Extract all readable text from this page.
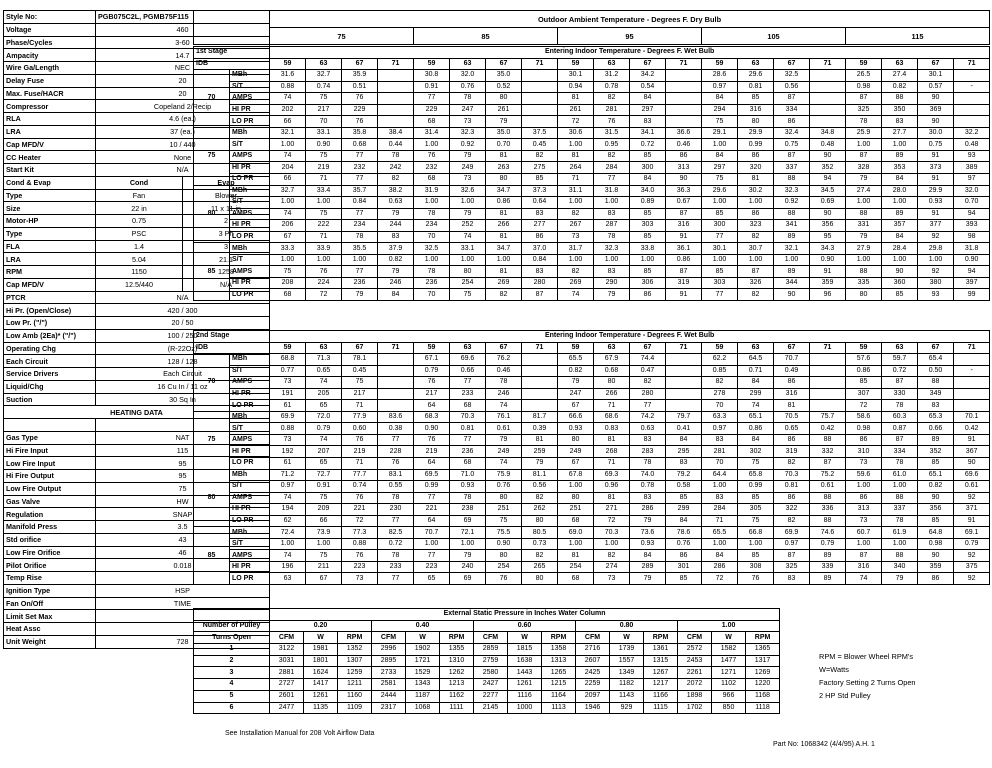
Style No:	PGB075C2L, PGMB75F115	
Voltage	460	
Phase/Cycles	3-60	
Ampacity	14.7	
Wire Ga/Length	NEC	
Delay Fuse	20	
Max. Fuse/HACR	20	
Compressor	Copeland 2/Recip	
RLA	4.6 (ea.)	
LRA	37 (ea.)	
Cap MFD/V	10 / 440	
CC Heater	None	
Start Kit	N/A	
Cond & Evap	Cond	Evap
Type	Fan	Blower
Size	22 in	11 x 11 in
Motor-HP	0.75	2
Type	PSC	3 Ph
FLA	1.4	3
LRA	5.04	21.1
RPM	1150	1258
Cap MFD/V	12.5/440	N/A
PTCR	N/A	
Hi Pr. (Open/Close)	420 / 300	
Low Pr. ("/")	20 / 50	
Low Amb (2Ea)* ("/")	100 / 250	
Operating Chg	(R-22Oz)	
Each Circuit	128 / 128	
Service Drivers	Each Circuit	
Liquid/Chg	16 Cu In / 11 oz	
Suction	30 Sq In	
HEATING DATA		

Gas Type	NAT	
Hi Fire Input	115	
Low Fire Input	95	
Hi Fire Output	95	
Low Fire Output	75	
Gas Valve	HW	
Regulation	SNAP	
Manifold Press	3.5	
Std orifice	43	
Low Fire Orifice	46	
Pilot Orifice	0.018	
Temp Rise		
Ignition Type	HSP	
Fan On/Off	TIME	
Limit Set Max		
Heat Assc		
Unit Weight	728	
	Outdoor Ambient Temperature - Degrees F. Dry Bulb				
	75	85	95	105	115
1st Stage		Entering Indoor Temperature - Degrees F. Wet Bulb																			
IDB		59	63	67	71	59	63	67	71	59	63	67	71	59	63	67	71	59	63	67	71
70	MBh	31.6	32.7	35.9		30.8	32.0	35.0		30.1	31.2	34.2		28.6	29.6	32.5		26.5	27.4	30.1	
	S/T	0.88	0.74	0.51		0.91	0.76	0.52		0.94	0.78	0.54		0.97	0.81	0.56		0.98	0.82	0.57	-
	AMPS	74	75	76		77	78	80		81	82	84		84	85	87		87	88	90	
	HI PR	202	217	229		229	247	261		261	281	297		294	316	334		325	350	369	
	LO PR	66	70	76		68	73	79		72	76	83		75	80	86		78	83	90	
75	MBh	32.1	33.1	35.8	38.4	31.4	32.3	35.0	37.5	30.6	31.5	34.1	36.6	29.1	29.9	32.4	34.8	25.9	27.7	30.0	32.2
	S/T	1.00	0.90	0.68	0.44	1.00	0.92	0.70	0.45	1.00	0.95	0.72	0.46	1.00	0.99	0.75	0.48	1.00	1.00	0.75	0.48
	AMPS	74	75	77	78	76	79	81	82	81	82	85	86	84	86	87	90	87	89	91	93
	HI PR	204	219	232	242	232	249	263	275	264	284	300	313	297	320	337	352	328	353	373	389
	LO PR	66	71	77	82	68	73	80	85	71	77	84	90	75	81	88	94	79	84	91	97
80	MBh	32.7	33.4	35.7	38.2	31.9	32.6	34.7	37.3	31.1	31.8	34.0	36.3	29.6	30.2	32.3	34.5	27.4	28.0	29.9	32.0
	S/T	1.00	1.00	0.84	0.63	1.00	1.00	0.86	0.64	1.00	1.00	0.89	0.67	1.00	1.00	0.92	0.69	1.00	1.00	0.93	0.70
	AMPS	74	75	77	79	78	79	81	83	82	83	85	87	85	86	88	90	88	89	91	94
	HI PR	206	222	234	244	234	252	266	277	267	287	303	316	300	323	341	356	331	357	377	393
	LO PR	67	71	78	83	70	74	81	86	73	78	85	91	77	82	89	95	79	84	92	98
85	MBh	33.3	33.9	35.5	37.9	32.5	33.1	34.7	37.0	31.7	32.3	33.8	36.1	30.1	30.7	32.1	34.3	27.9	28.4	29.8	31.8
	S/T	1.00	1.00	1.00	0.82	1.00	1.00	1.00	0.84	1.00	1.00	1.00	0.86	1.00	1.00	1.00	0.90	1.00	1.00	1.00	0.90
	AMPS	75	76	77	79	78	80	81	83	82	83	85	87	85	87	89	91	88	90	92	94
	HI PR	208	224	236	246	236	254	269	280	269	290	306	319	303	326	344	359	335	360	380	397
	LO PR	68	72	79	84	70	75	82	87	74	79	86	91	77	82	90	96	80	85	93	99
2nd Stage		Entering Indoor Temperature - Degrees F. Wet Bulb																			
IDB		59	63	67	71	59	63	67	71	59	63	67	71	59	63	67	71	59	63	67	71
70	MBh	68.8	71.3	78.1		67.1	69.6	76.2		65.5	67.9	74.4		62.2	64.5	70.7		57.6	59.7	65.4	
	S/T	0.77	0.65	0.45		0.79	0.66	0.46		0.82	0.68	0.47		0.85	0.71	0.49		0.86	0.72	0.50	-
	AMPS	73	74	75		76	77	78		79	80	82		82	84	86		85	87	88	
	HI PR	191	205	217		217	233	246		247	266	280		278	299	316		307	330	349	
	LO PR	61	65	71		64	68	74		67	71	77		70	74	81		72	78	83	
75	MBh	69.9	72.0	77.9	83.6	68.3	70.3	76.1	81.7	66.6	68.6	74.2	79.7	63.3	65.1	70.5	75.7	58.6	60.3	65.3	70.1
	S/T	0.88	0.79	0.60	0.38	0.90	0.81	0.61	0.39	0.93	0.83	0.63	0.41	0.97	0.86	0.65	0.42	0.98	0.87	0.66	0.42
	AMPS	73	74	76	77	76	77	79	81	80	81	83	84	83	84	86	88	86	87	89	91
	HI PR	192	207	219	228	219	236	249	259	249	268	283	295	281	302	319	332	310	334	352	367
	LO PR	61	65	71	76	64	68	74	79	67	71	78	83	70	75	82	87	73	78	85	90
80	MBh	71.2	72.7	77.7	83.1	69.5	71.0	75.9	81.1	67.8	69.3	74.0	79.2	64.4	65.8	70.3	75.2	59.6	61.0	65.1	69.6
	S/T	0.97	0.91	0.74	0.55	0.99	0.93	0.76	0.56	1.00	0.96	0.78	0.58	1.00	0.99	0.81	0.61	1.00	1.00	0.82	0.61
	AMPS	74	75	76	78	77	78	80	82	80	81	83	85	83	85	86	88	86	88	90	92
	HI PR	194	209	221	230	221	238	251	262	251	271	286	299	284	305	322	336	313	337	356	371
	LO PR	62	66	72	77	64	69	75	80	68	72	79	84	71	75	82	88	73	78	85	91
85	MBh	72.4	73.9	77.3	82.5	70.7	72.1	75.5	80.5	69.0	70.3	73.6	78.6	65.5	66.8	69.9	74.6	60.7	61.9	64.8	69.1
	S/T	1.00	1.00	0.88	0.72	1.00	1.00	0.90	0.73	1.00	1.00	0.93	0.76	1.00	1.00	0.97	0.79	1.00	1.00	0.98	0.79
	AMPS	74	75	76	78	77	79	80	82	81	82	84	86	84	85	87	89	87	88	90	92
	HI PR	196	211	223	233	223	240	254	265	254	274	289	301	286	308	325	339	316	340	359	375
	LO PR	63	67	73	77	65	69	76	80	68	73	79	85	72	76	83	89	74	79	86	92
	External Static Pressure in Inches Water Column														
Number of Pulley	0.20			0.40			0.60			0.80			1.00		
Turns Open	CFM	W	RPM	CFM	W	RPM	CFM	W	RPM	CFM	W	RPM	CFM	W	RPM
1	3122	1981	1352	2996	1902	1355	2859	1815	1358	2716	1739	1361	2572	1582	1365
2	3031	1801	1307	2895	1721	1310	2759	1638	1313	2607	1557	1315	2453	1477	1317
3	2881	1624	1259	2733	1529	1262	2580	1443	1265	2425	1349	1267	2261	1271	1269
4	2727	1417	1211	2581	1343	1213	2427	1261	1215	2259	1182	1217	2072	1102	1220
5	2601	1261	1160	2444	1187	1162	2277	1116	1164	2097	1143	1166	1898	966	1168
6	2477	1135	1109	2317	1068	1111	2145	1000	1113	1946	929	1115	1702	850	1118
RPM = Blower Wheel RPM's
W=Watts
Factory Setting 2 Turns Open
2 HP Std Pulley
See Installation Manual for 208 Volt Airflow Data
Part No: 1068342 (4/4/95) A.H. 1
